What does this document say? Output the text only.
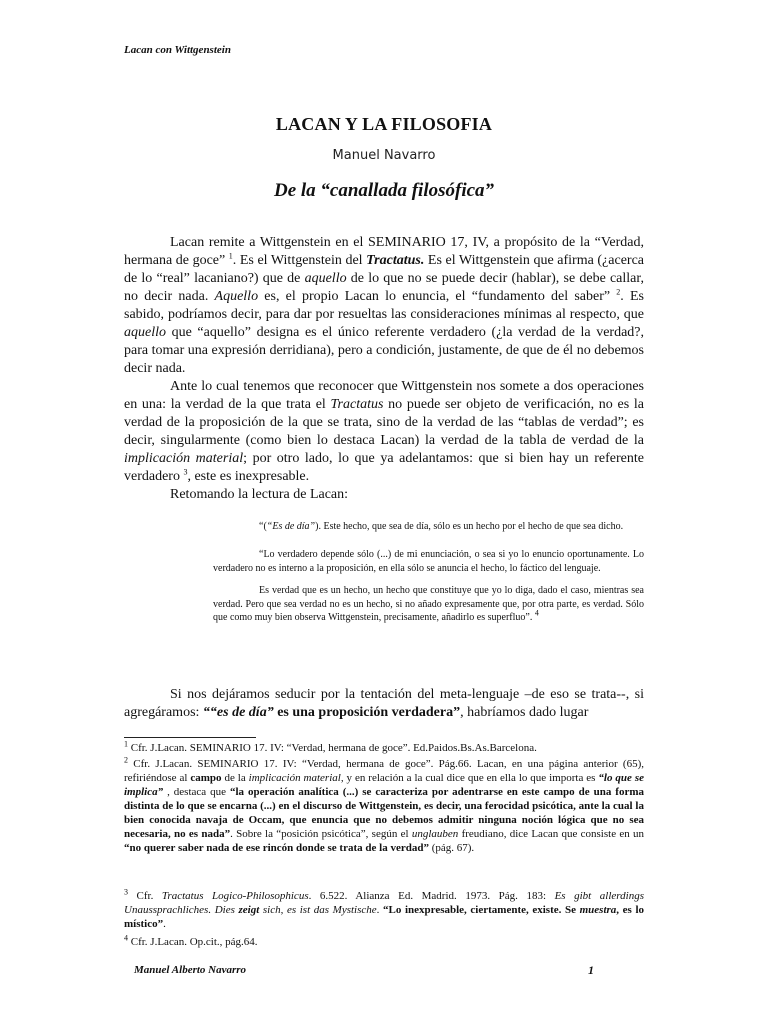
Lacan con Wittgenstein
LACAN Y LA FILOSOFIA
Manuel Navarro
De la “canallada filosófica”

Lacan remite a Wittgenstein en el SEMINARIO 17, IV, a propósito de la “Verdad, hermana de goce” $^1$. Es el Wittgenstein del Tractatus. Es el Wittgenstein que afirma (¿acerca de lo “real” lacaniano?) que de aquello de lo que no se puede decir (hablar), se debe callar, no decir nada. Aquello es, el propio Lacan lo enuncia, el “fundamento del saber” $^2$. Es sabido, podríamos decir, para dar por resueltas las consideraciones mínimas al respecto, que aquello que “aquello” designa es el único referente verdadero (¿la verdad de la verdad?, para tomar una expresión derridiana), pero a condición, justamente, de que de él no debemos decir nada.

Ante lo cual tenemos que reconocer que Wittgenstein nos somete a dos operaciones en una: la verdad de la que trata el Tractatus no puede ser objeto de verificación, no es la verdad de la proposición de la que se trata, sino de la verdad de las “tablas de verdad”; es decir, singularmente (como bien lo destaca Lacan) la verdad de la tabla de verdad de la implicación material; por otro lado, lo que ya adelantamos: que si bien hay un referente verdadero $^3$, este es inexpresable.

Retomando la lectura de Lacan:

“(“Es de día”). Este hecho, que sea de día, sólo es un hecho por el hecho de que sea dicho.

“Lo verdadero depende sólo (...) de mi enunciación, o sea si yo lo enuncio oportunamente. Lo verdadero no es interno a la proposición, en ella sólo se anuncia el hecho, lo fáctico del lenguaje.

Es verdad que es un hecho, un hecho que constituye que yo lo diga, dado el caso, mientras sea verdad. Pero que sea verdad no es un hecho, si no añado expresamente que, por otra parte, es verdad. Sólo que como muy bien observa Wittgenstein, precisamente, añadirlo es superfluo”. $^4$

Si nos dejáramos seducir por la tentación del meta-lenguaje –de eso se trata--, si agregáramos: ““es de día” es una proposición verdadera”, habríamos dado lugar

$^1$ Cfr. J.Lacan. SEMINARIO 17. IV: “Verdad, hermana de goce”. Ed.Paidos.Bs.As.Barcelona.

$^2$ Cfr. J.Lacan. SEMINARIO 17. IV: “Verdad, hermana de goce”. Pág.66. Lacan, en una página anterior (65), refiriéndose al campo de la implicación material, y en relación a la cual dice que en ella lo que importa es “lo que se implica” , destaca que “la operación analítica (...) se caracteriza por adentrarse en este campo de una forma distinta de lo que se encarna (...) en el discurso de Wittgenstein, es decir, una ferocidad psicótica, ante la cual la bien conocida navaja de Occam, que enuncia que no debemos admitir ninguna noción lógica que no sea necesaria, no es nada”. Sobre la “posición psicótica”, según el unglauben freudiano, dice Lacan que consiste en un “no querer saber nada de ese rincón donde se trata de la verdad” (pág. 67).

$^3$ Cfr. Tractatus Logico-Philosophicus. 6.522. Alianza Ed. Madrid. 1973. Pág. 183: Es gibt allerdings Unaussprachliches. Dies zeigt sich, es ist das Mystische. “Lo inexpresable, ciertamente, existe. Se muestra, es lo místico”.

$^4$ Cfr. J.Lacan. Op.cit., pág.64.

Manuel Alberto Navarro	1
